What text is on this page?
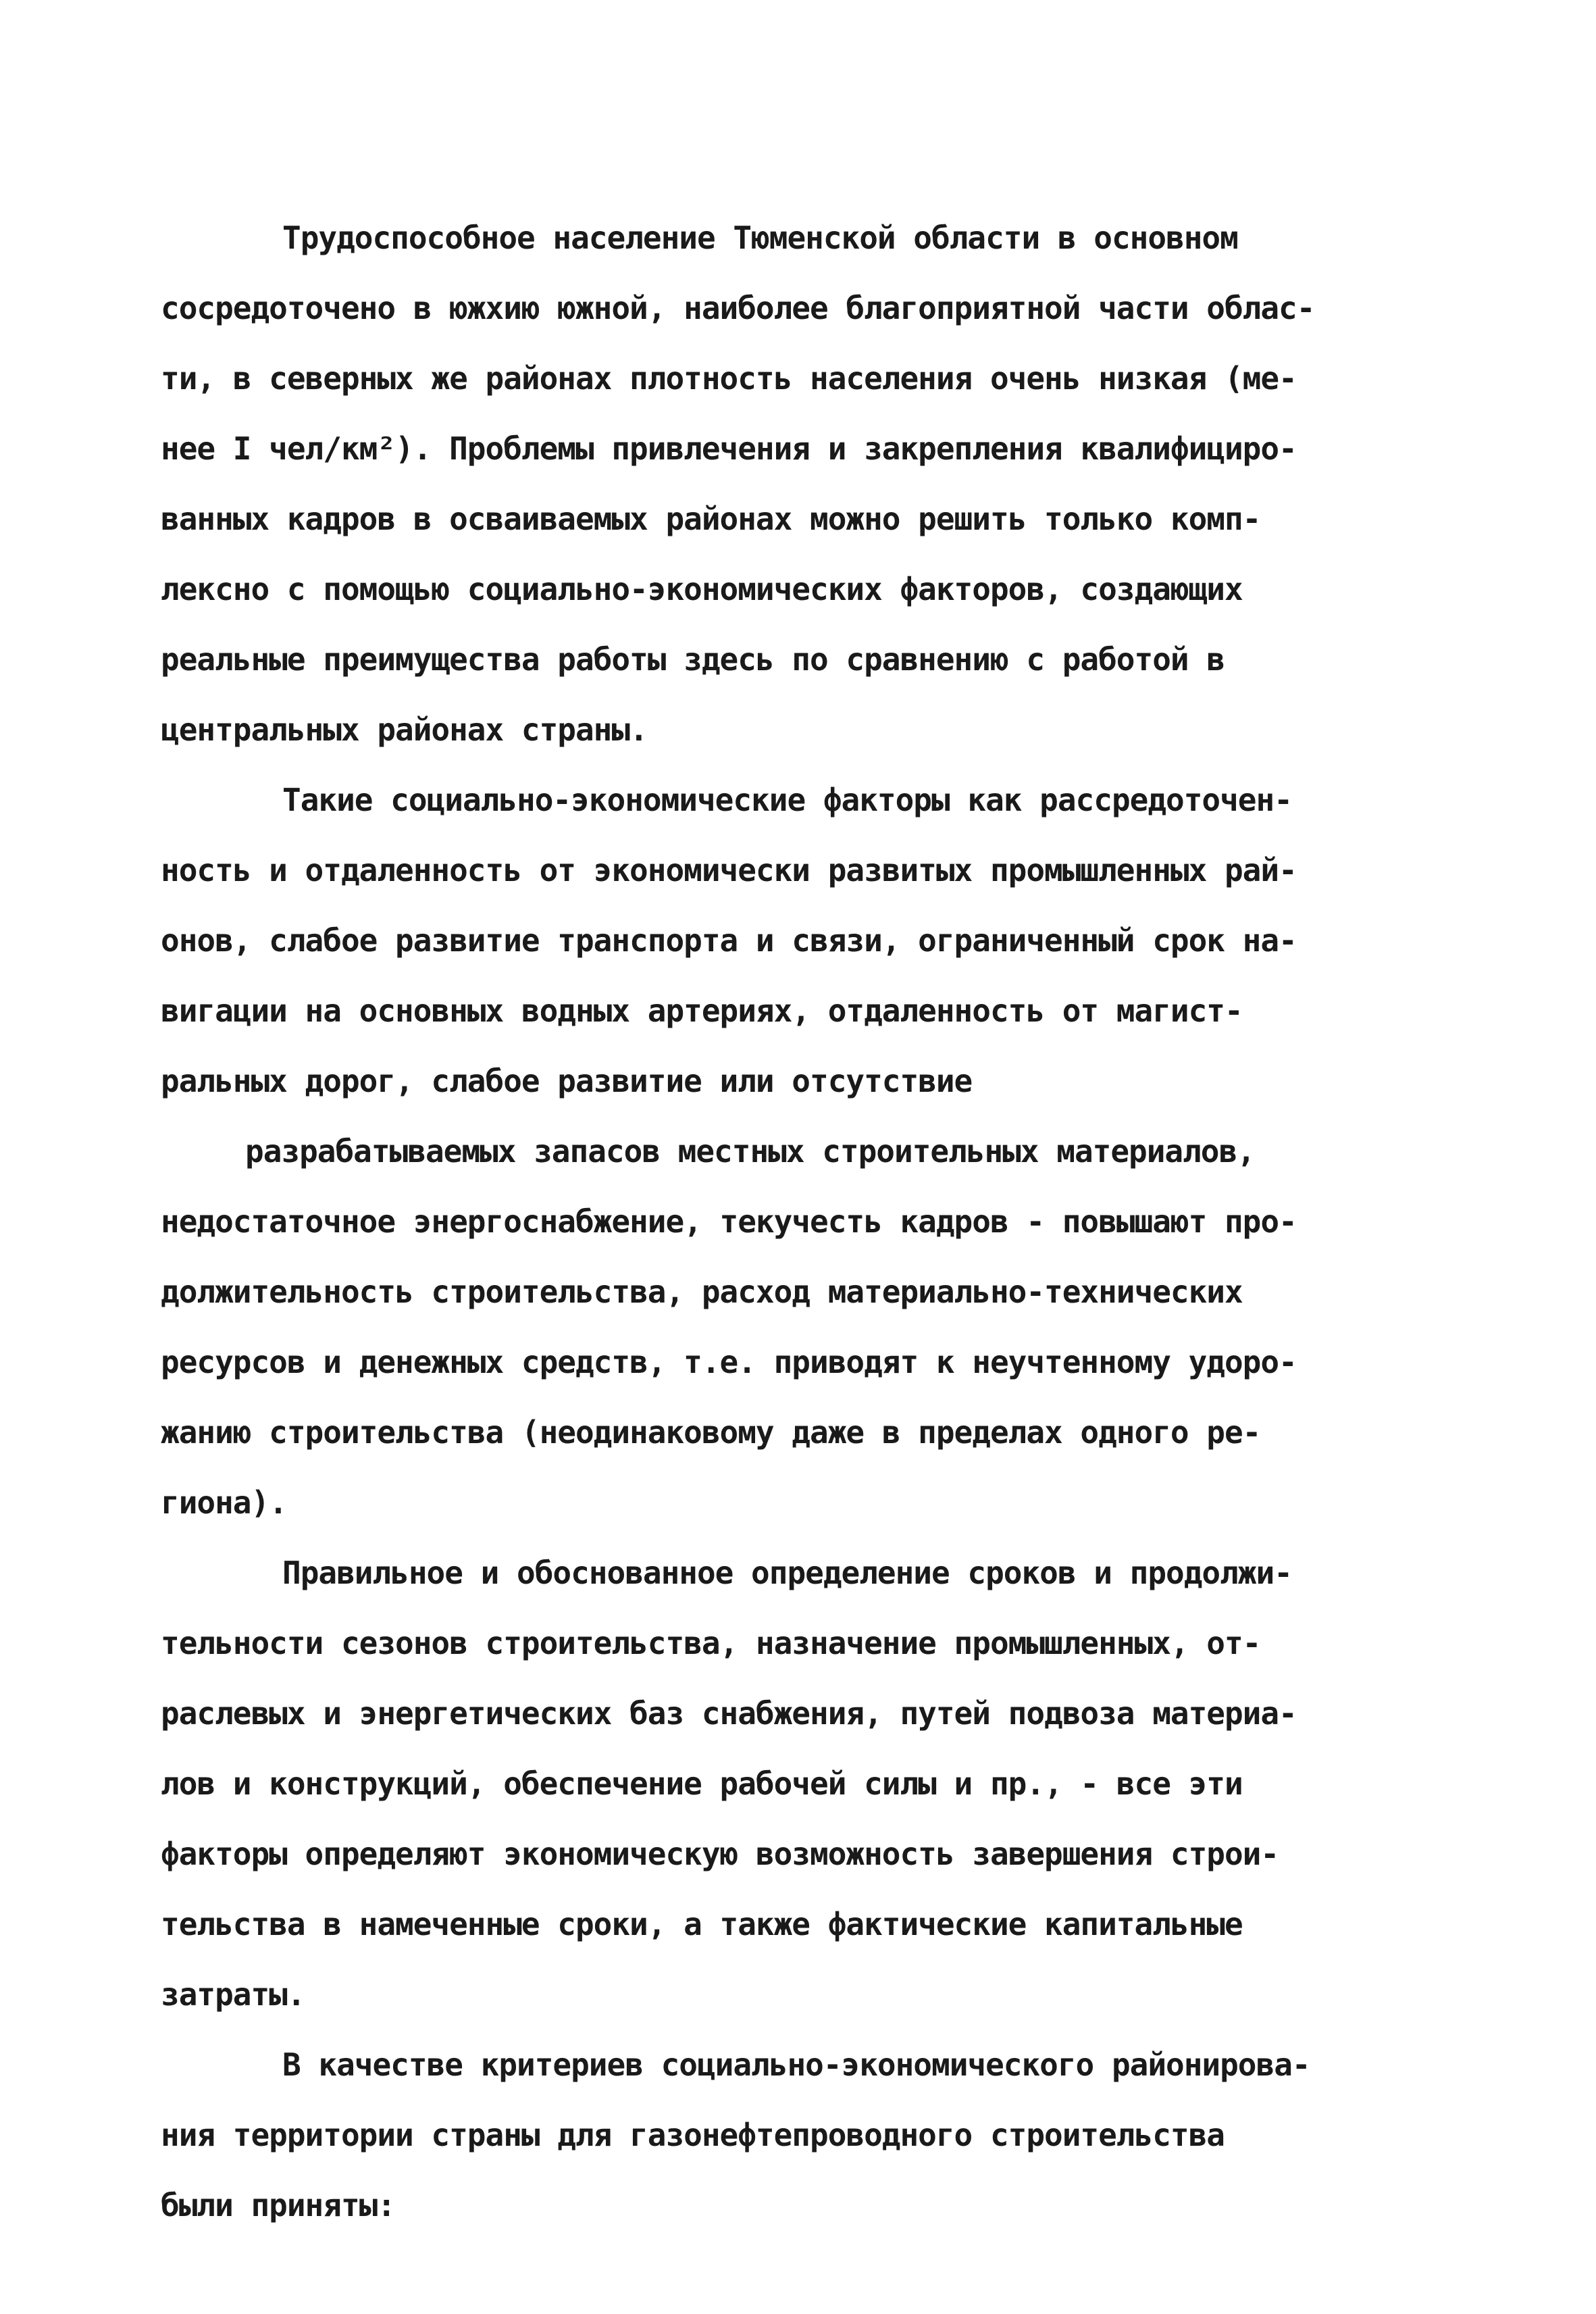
Трудоспособное население Тюменской области в основном
сосредоточено в южхию южной, наиболее благоприятной части облас-
ти, в северных же районах плотность населения очень низкая (ме-
нее I чел/км²). Проблемы привлечения и закрепления квалифициро-
ванных кадров в осваиваемых районах можно решить только комп-
лексно с помощью социально-экономических факторов, создающих
реальные преимущества работы здесь по сравнению с работой в
центральных районах страны.
Такие социально-экономические факторы как рассредоточен-
ность и отдаленность от экономически развитых промышленных рай-
онов, слабое развитие транспорта и связи, ограниченный срок на-
вигации на основных водных артериях, отдаленность от магист-
ральных дорог, слабое развитие или отсутствие
разрабатываемых запасов местных строительных материалов,
недостаточное энергоснабжение, текучесть кадров - повышают про-
должительность строительства, расход материально-технических
ресурсов и денежных средств, т.е. приводят к неучтенному удоро-
жанию строительства (неодинаковому даже в пределах одного ре-
гиона).
Правильное и обоснованное определение сроков и продолжи-
тельности сезонов строительства, назначение промышленных, от-
раслевых и энергетических баз снабжения, путей подвоза материа-
лов и конструкций, обеспечение рабочей силы и пр., - все эти
факторы определяют экономическую возможность завершения строи-
тельства в намеченные сроки, а также фактические капитальные
затраты.
В качестве критериев социально-экономического районирова-
ния территории страны для газонефтепроводного строительства
были приняты:
